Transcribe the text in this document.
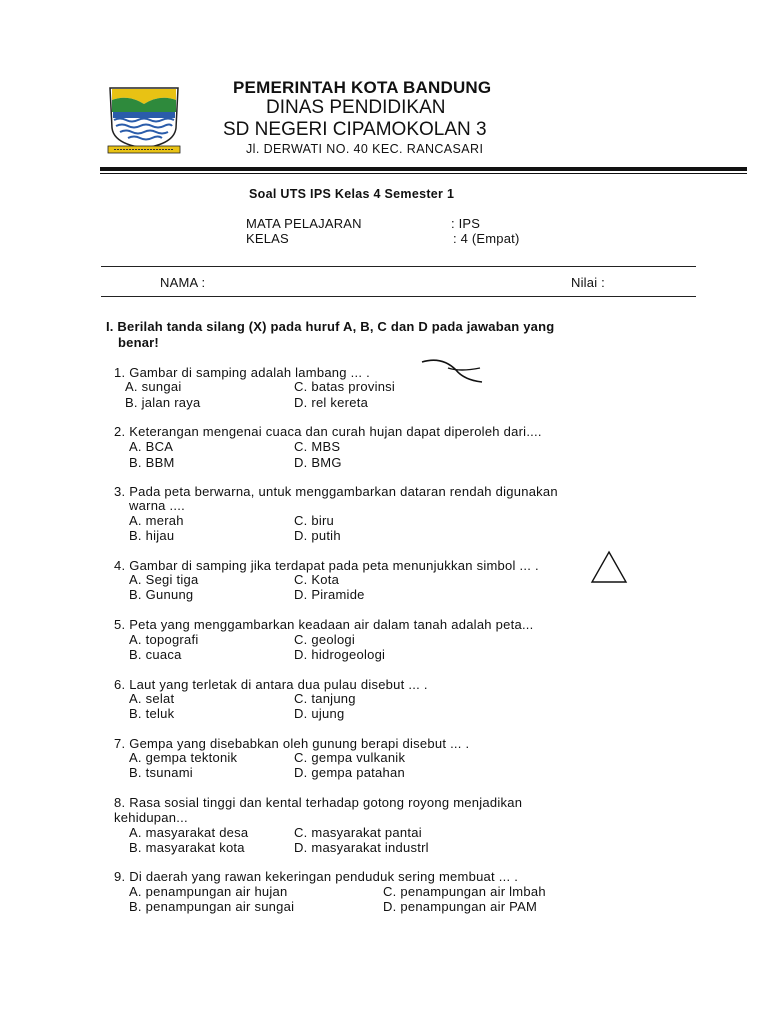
PEMERINTAH KOTA BANDUNG
DINAS PENDIDIKAN
SD NEGERI CIPAMOKOLAN 3
Jl. DERWATI NO. 40 KEC. RANCASARI
Soal UTS IPS Kelas 4 Semester 1
MATA PELAJARAN	: IPS
KELAS	: 4 (Empat)
NAMA :	Nilai :
I. Berilah tanda silang (X) pada huruf A, B, C dan D pada jawaban yang
benar!
1. Gambar di samping adalah lambang ... .
A. sungai	C. batas provinsi
B. jalan raya	D. rel kereta
2. Keterangan mengenai cuaca dan curah hujan dapat diperoleh dari....
A. BCA	C. MBS
B. BBM	D. BMG
3. Pada peta berwarna, untuk menggambarkan dataran rendah digunakan
warna ....
A. merah	C. biru
B. hijau	D. putih
4. Gambar di samping jika terdapat pada peta menunjukkan simbol ... .
A. Segi tiga	C. Kota
B. Gunung	D. Piramide
5. Peta yang menggambarkan keadaan air dalam tanah adalah peta...
A. topografi	C. geologi
B. cuaca	D. hidrogeologi
6. Laut yang terletak di antara dua pulau disebut ... .
A. selat	C. tanjung
B. teluk	D. ujung
7. Gempa yang disebabkan oleh gunung berapi disebut ... .
A. gempa tektonik	C. gempa vulkanik
B. tsunami	D. gempa patahan
8. Rasa sosial tinggi dan kental terhadap gotong royong menjadikan
kehidupan...
A. masyarakat desa	C. masyarakat pantai
B. masyarakat kota	D. masyarakat industrl
9. Di daerah yang rawan kekeringan penduduk sering membuat ... .
A. penampungan air hujan	C. penampungan air lmbah
B. penampungan air sungai	D. penampungan air PAM
